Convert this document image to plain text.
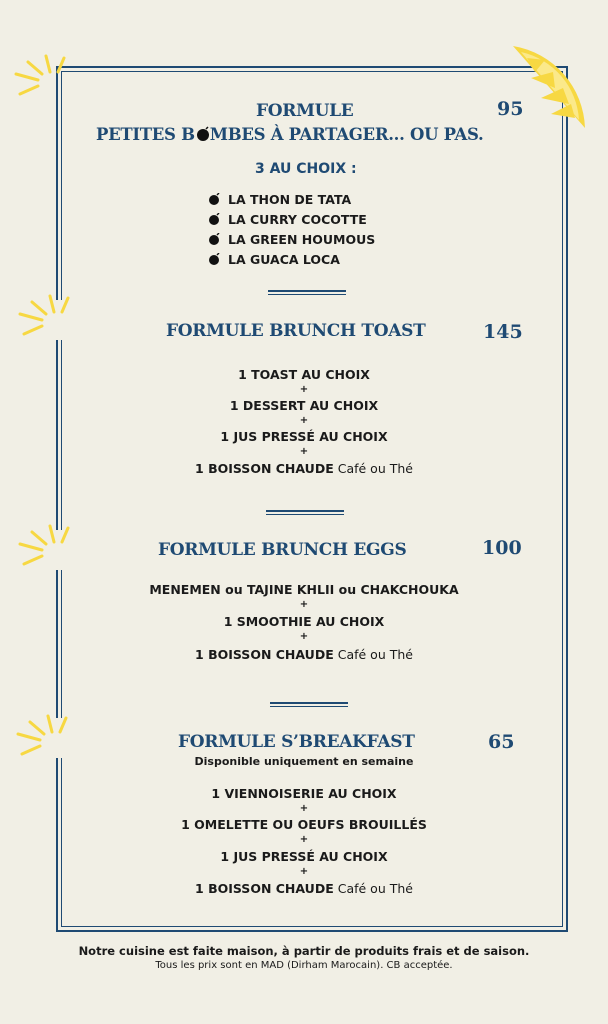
FORMULE	95
PETITES B MBES À PARTAGER... OU PAS.
3 AU CHOIX :
LA THON DE TATA
LA CURRY COCOTTE
LA GREEN HOUMOUS
LA GUACA LOCA
FORMULE BRUNCH TOAST	145
1 TOAST AU CHOIX
+
1 DESSERT AU CHOIX
+
1 JUS PRESSÉ AU CHOIX
+
1 BOISSON CHAUDE Café ou Thé
FORMULE BRUNCH EGGS	100
MENEMEN ou TAJINE KHLII ou CHAKCHOUKA
+
1 SMOOTHIE AU CHOIX
+
1 BOISSON CHAUDE Café ou Thé
FORMULE S’BREAKFAST	65
Disponible uniquement en semaine
1 VIENNOISERIE AU CHOIX
+
1 OMELETTE OU OEUFS BROUILLÉS
+
1 JUS PRESSÉ AU CHOIX
+
1 BOISSON CHAUDE Café ou Thé
Notre cuisine est faite maison, à partir de produits frais et de saison.
Tous les prix sont en MAD (Dirham Marocain). CB acceptée.
